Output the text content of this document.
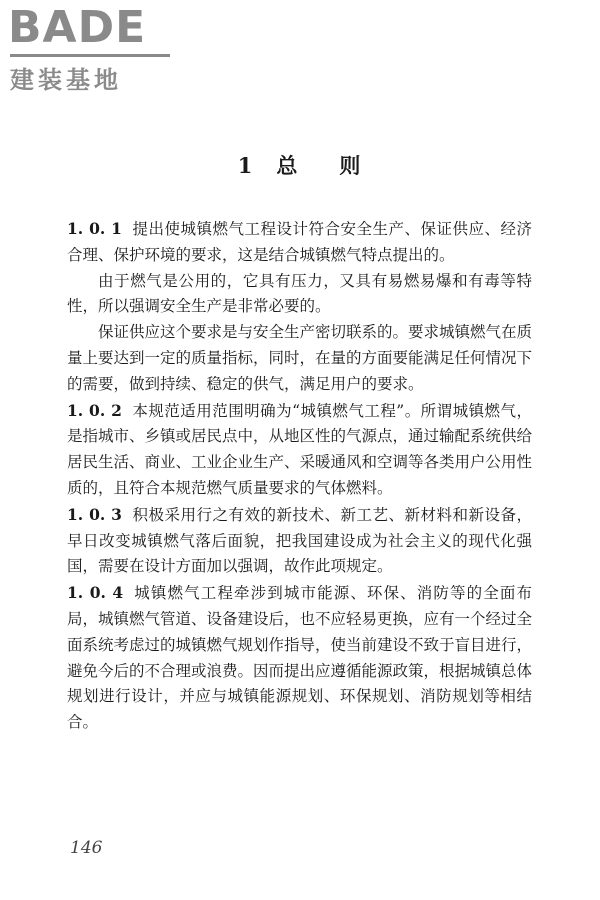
BADE
建装基地
1 总 则

1. 0. 1 提出使城镇燃气工程设计符合安全生产、保证供应、经济合理、保护环境的要求，这是结合城镇燃气特点提出的。

由于燃气是公用的，它具有压力，又具有易燃易爆和有毒等特性，所以强调安全生产是非常必要的。

保证供应这个要求是与安全生产密切联系的。要求城镇燃气在质量上要达到一定的质量指标，同时，在量的方面要能满足任何情况下的需要，做到持续、稳定的供气，满足用户的要求。

1. 0. 2 本规范适用范围明确为“城镇燃气工程”。所谓城镇燃气，是指城市、乡镇或居民点中，从地区性的气源点，通过输配系统供给居民生活、商业、工业企业生产、采暖通风和空调等各类用户公用性质的，且符合本规范燃气质量要求的气体燃料。

1. 0. 3 积极采用行之有效的新技术、新工艺、新材料和新设备，早日改变城镇燃气落后面貌，把我国建设成为社会主义的现代化强国，需要在设计方面加以强调，故作此项规定。

1. 0. 4 城镇燃气工程牵涉到城市能源、环保、消防等的全面布局，城镇燃气管道、设备建设后，也不应轻易更换，应有一个经过全面系统考虑过的城镇燃气规划作指导，使当前建设不致于盲目进行，避免今后的不合理或浪费。因而提出应遵循能源政策，根据城镇总体规划进行设计，并应与城镇能源规划、环保规划、消防规划等相结合。

146
